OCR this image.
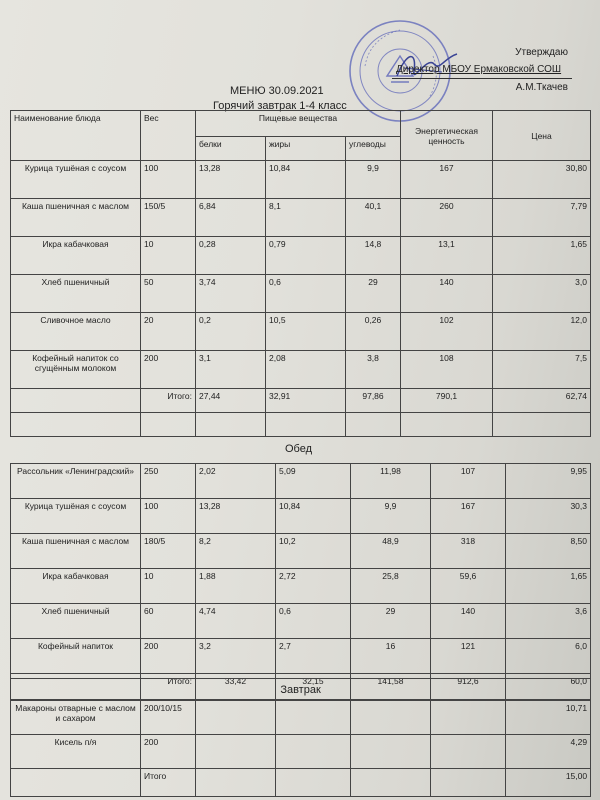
Утверждаю
Директор МБОУ Ермаковской СОШ
А.М.Ткачев
МЕНЮ 30.09.2021
Горячий завтрак 1-4 класс
Наименование блюда	Вес	Пищевые вещества			Энергетическая ценность	Цена
		белки	жиры	углеводы		
Курица тушёная с соусом	100	13,28	10,84	9,9	167	30,80
Каша пшеничная с маслом	150/5	6,84	8,1	40,1	260	7,79
Икра кабачковая	10	0,28	0,79	14,8	13,1	1,65
Хлеб пшеничный	50	3,74	0,6	29	140	3,0
Сливочное масло	20	0,2	10,5	0,26	102	12,0
Кофейный напиток со сгущённым молоком	200	3,1	2,08	3,8	108	7,5
	Итого:	27,44	32,91	97,86	790,1	62,74

Обед
Рассольник «Ленинградский»	250	2,02	5,09	11,98	107	9,95
Курица тушёная с соусом	100	13,28	10,84	9,9	167	30,3
Каша пшеничная с маслом	180/5	8,2	10,2	48,9	318	8,50
Икра кабачковая	10	1,88	2,72	25,8	59,6	1,65
Хлеб пшеничный	60	4,74	0,6	29	140	3,6
Кофейный напиток	200	3,2	2,7	16	121	6,0
	Итого:	33,42	32,15	141,58	912,6	60,0
Завтрак						
Макароны отварные с маслом и сахаром	200/10/15					10,71
Кисель п/я	200					4,29
	Итого					15,00
